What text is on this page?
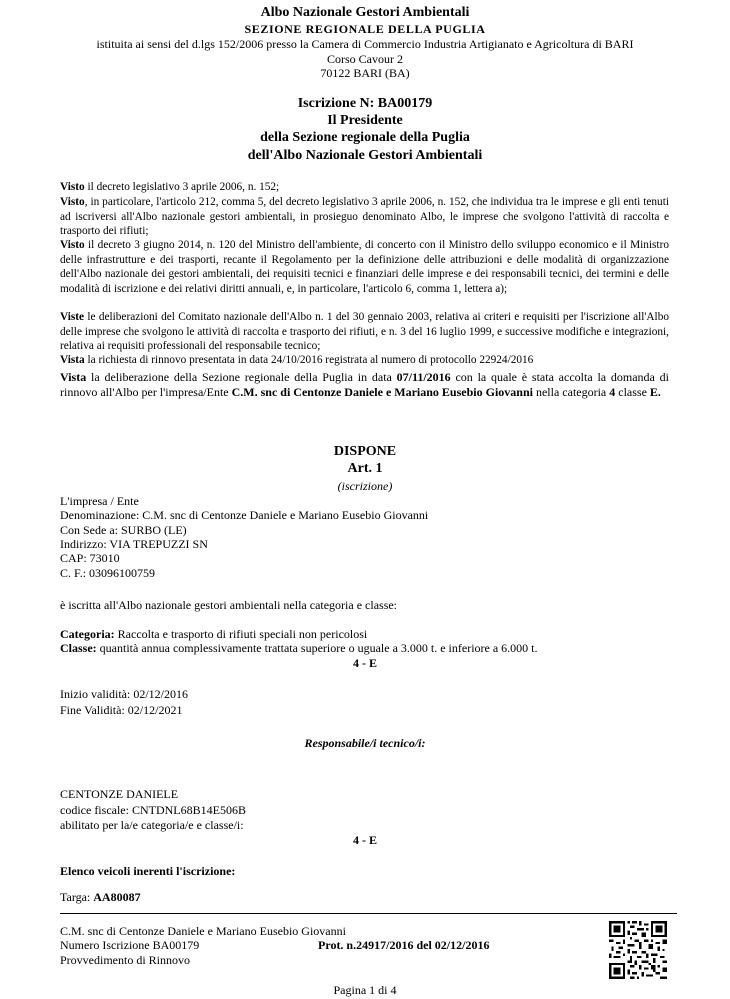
Albo Nazionale Gestori Ambientali
SEZIONE REGIONALE DELLA PUGLIA
istituita ai sensi del d.lgs 152/2006 presso la Camera di Commercio Industria Artigianato e Agricoltura di BARI
Corso Cavour 2
70122 BARI (BA)
Iscrizione N: BA00179
Il Presidente
della Sezione regionale della Puglia
dell'Albo Nazionale Gestori Ambientali
Visto il decreto legislativo 3 aprile 2006, n. 152;
Visto, in particolare, l'articolo 212, comma 5, del decreto legislativo 3 aprile 2006, n. 152, che individua tra le imprese e gli enti tenuti ad iscriversi all'Albo nazionale gestori ambientali, in prosieguo denominato Albo, le imprese che svolgono l'attività di raccolta e trasporto dei rifiuti;
Visto il decreto 3 giugno 2014, n. 120 del Ministro dell'ambiente, di concerto con il Ministro dello sviluppo economico e il Ministro delle infrastrutture e dei trasporti, recante il Regolamento per la definizione delle attribuzioni e delle modalità di organizzazione dell'Albo nazionale dei gestori ambientali, dei requisiti tecnici e finanziari delle imprese e dei responsabili tecnici, dei termini e delle modalità di iscrizione e dei relativi diritti annuali, e, in particolare, l'articolo 6, comma 1, lettera a);
Viste le deliberazioni del Comitato nazionale dell'Albo n. 1 del 30 gennaio 2003, relativa ai criteri e requisiti per l'iscrizione all'Albo delle imprese che svolgono le attività di raccolta e trasporto dei rifiuti, e n. 3 del 16 luglio 1999, e successive modifiche e integrazioni, relativa ai requisiti professionali del responsabile tecnico;
Vista la richiesta di rinnovo presentata in data 24/10/2016 registrata al numero di protocollo 22924/2016
Vista la deliberazione della Sezione regionale della Puglia in data 07/11/2016 con la quale è stata accolta la domanda di rinnovo all'Albo per l'impresa/Ente C.M. snc di Centonze Daniele e Mariano Eusebio Giovanni nella categoria 4 classe E.
DISPONE
Art. 1
(iscrizione)
L'impresa / Ente
Denominazione: C.M. snc di Centonze Daniele e Mariano Eusebio Giovanni
Con Sede a: SURBO (LE)
Indirizzo: VIA TREPUZZI SN
CAP: 73010
C. F.: 03096100759
è iscritta all'Albo nazionale gestori ambientali nella categoria e classe:
Categoria: Raccolta e trasporto di rifiuti speciali non pericolosi
Classe: quantità annua complessivamente trattata superiore o uguale a 3.000 t. e inferiore a 6.000 t.
4 - E
Inizio validità: 02/12/2016
Fine Validità: 02/12/2021
Responsabile/i tecnico/i:
CENTONZE DANIELE
codice fiscale: CNTDNL68B14E506B
abilitato per la/e categoria/e e classe/i:
4 - E
Elenco veicoli inerenti l'iscrizione:
Targa: AA80087
C.M. snc di Centonze Daniele e Mariano Eusebio Giovanni
Numero Iscrizione BA00179	Prot. n.24917/2016 del 02/12/2016
Provvedimento di Rinnovo
Pagina 1 di 4
